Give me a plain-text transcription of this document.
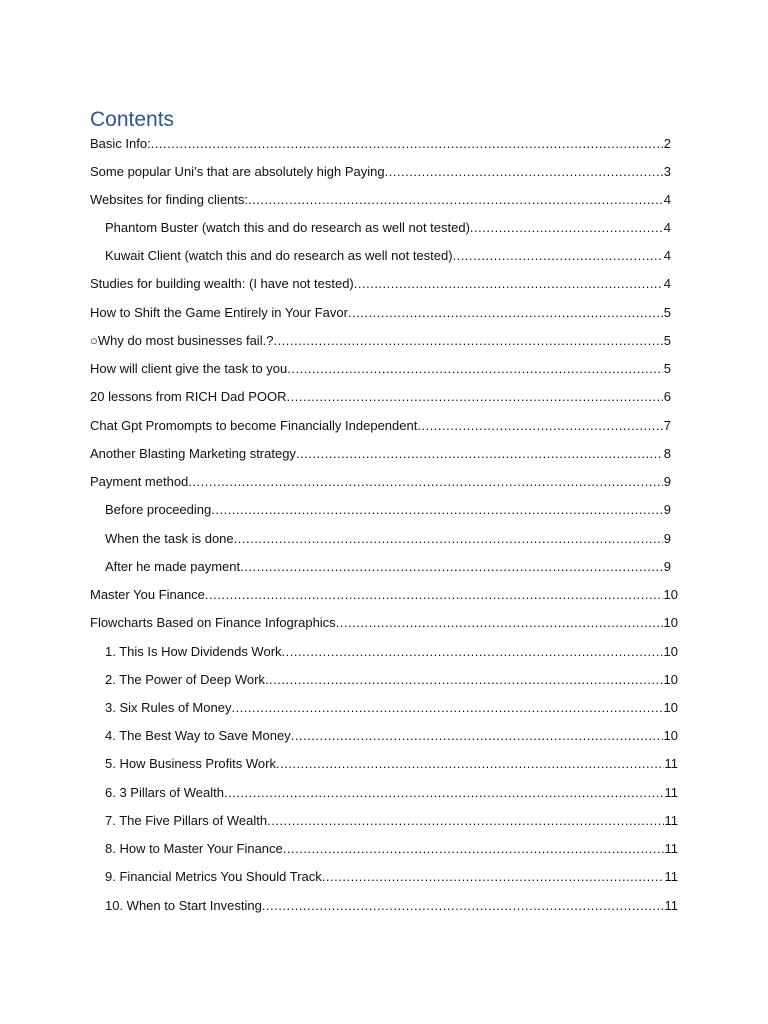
Contents
Basic Info: .....	2
Some popular Uni’s that are absolutely high Paying .....	3
Websites for finding clients: .....	4
Phantom Buster (watch this and do research as well not tested) .....	4
Kuwait Client (watch this and do research as well not tested) .....	4
Studies for building wealth: (I have not tested) .....	4
How to Shift the Game Entirely in Your Favor .....	5
○Why do most businesses fail.? .....	5
How will client give the task to you .....	5
20 lessons from RICH Dad POOR .....	6
Chat Gpt Promompts to become Financially Independent .....	7
Another Blasting Marketing strategy .....	8
Payment method .....	9
Before proceeding .....	9
When the task is done .....	9
After he made payment .....	9
Master You Finance .....	10
Flowcharts Based on Finance Infographics .....	10
1. This Is How Dividends Work .....	10
2. The Power of Deep Work .....	10
3. Six Rules of Money .....	10
4. The Best Way to Save Money .....	10
5. How Business Profits Work .....	11
6. 3 Pillars of Wealth .....	11
7. The Five Pillars of Wealth .....	11
8. How to Master Your Finance .....	11
9. Financial Metrics You Should Track .....	11
10. When to Start Investing .....	11
